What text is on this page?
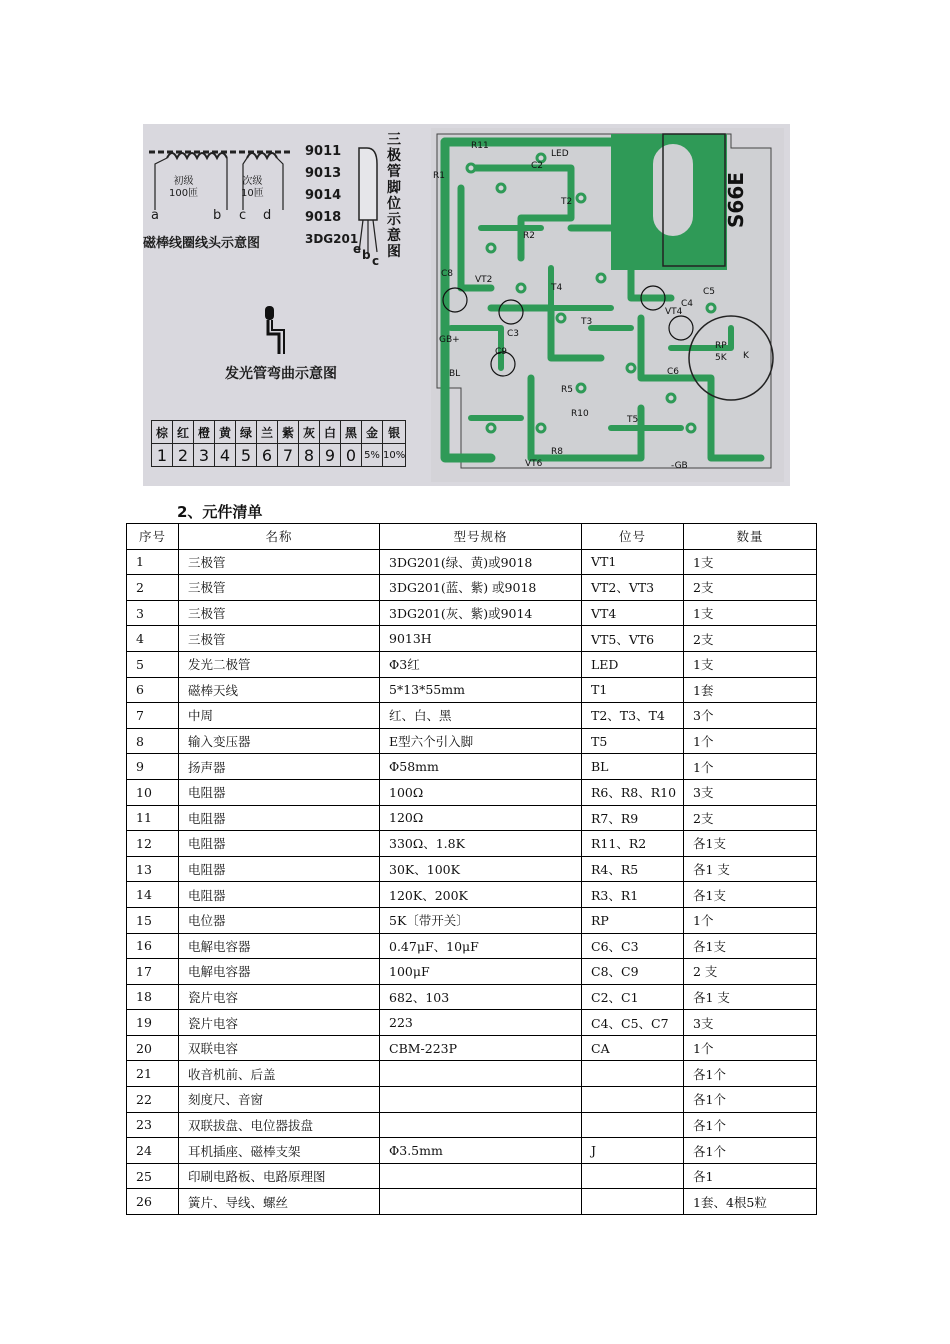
初级
100匝
次级
10匝
a	b c d
磁棒线圈线头示意图
9011
9013
9014
9018
3DG201
e b c
三极管脚位示意图
发光管弯曲示意图
棕	红	橙	黄	绿	兰	紫	灰	白	黑	金	银
1	2	3	4	5	6	7	8	9	0	5%	10%
R11
R1
C2
LED
T2
R2
C8
VT2
T4
C3
GB+
C9
BL
R5
T3
VT6
R8
R10
T5
C5
C4
VT4
RP
5K K
C6
-GB
S66E
2、元件清单
序号	名称	型号规格	位号	数量
1	三极管	3DG201(绿、黄)或9018	VT1	1支
2	三极管	3DG201(蓝、紫) 或9018	VT2、VT3	2支
3	三极管	3DG201(灰、紫)或9014	VT4	1支
4	三极管	9013H	VT5、VT6	2支
5	发光二极管	Φ3红	LED	1支
6	磁棒天线	5*13*55mm	T1	1套
7	中周	红、白、黑	T2、T3、T4	3个
8	输入变压器	E型六个引入脚	T5	1个
9	扬声器	Φ58mm	BL	1个
10	电阻器	100Ω	R6、R8、R10	3支
11	电阻器	120Ω	R7、R9	2支
12	电阻器	330Ω、1.8K	R11、R2	各1支
13	电阻器	30K、100K	R4、R5	各1 支
14	电阻器	120K、200K	R3、R1	各1支
15	电位器	5K〔带开关〕	RP	1个
16	电解电容器	0.47μF、10μF	C6、C3	各1支
17	电解电容器	100μF	C8、C9	2 支
18	瓷片电容	682、103	C2、C1	各1 支
19	瓷片电容	223	C4、C5、C7	3支
20	双联电容	CBM-223P	CA	1个
21	收音机前、后盖			各1个
22	刻度尺、音窗			各1个
23	双联拔盘、电位器拔盘			各1个
24	耳机插座、磁棒支架	Φ3.5mm	J	各1个
25	印刷电路板、电路原理图			各1
26	簧片、导线、螺丝			1套、4根5粒
